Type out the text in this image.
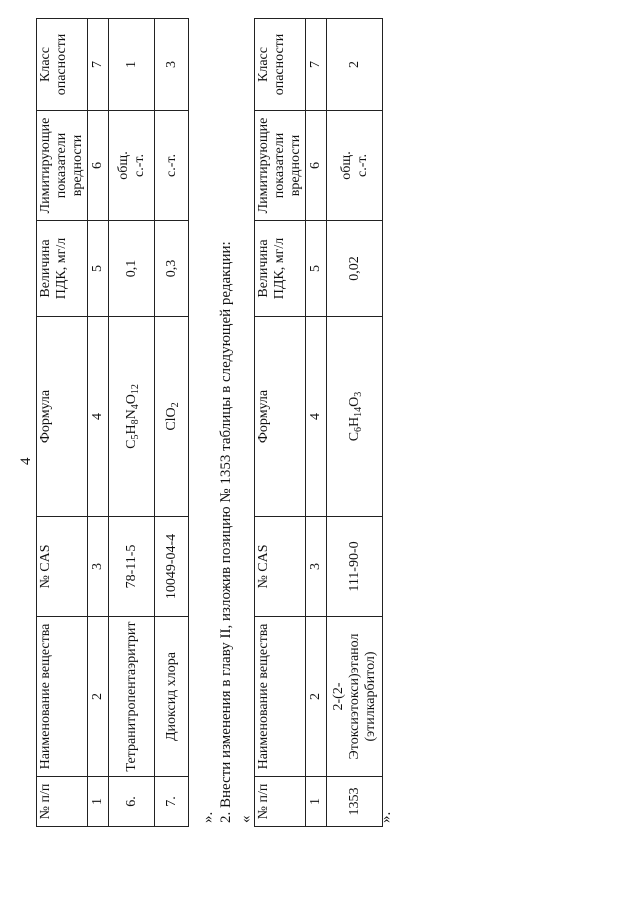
4
№ п/п	Наименование вещества	№ CAS	Формула	Величина ПДК, мг/л	Лимитирующие показатели вредности	Класс опасности
1	2	3	4	5	6	7
6.	Тетранитропентаэритрит	78-11-5	$C_5H_8N_4O_{12}$	0,1	общ. с.-т.	1
7.	Диоксид хлора	10049-04-4	ClO$_2$	0,3	с.-т.	3
». 2. Внести изменения в главу II, изложив позицию № 1353 таблицы в следующей редакции: « № п/п	Наименование вещества	№ CAS	Формула	Величина ПДК, мг/л	Лимитирующие показатели вредности	Класс опасности
1	2	3	4	5	6	7
1353	2-(2-Этоксиэтокси)этанол (этилкарбитол)	111-90-0	$C_6H_{14}O_3$	0,02	общ. с.-т.	2
».
